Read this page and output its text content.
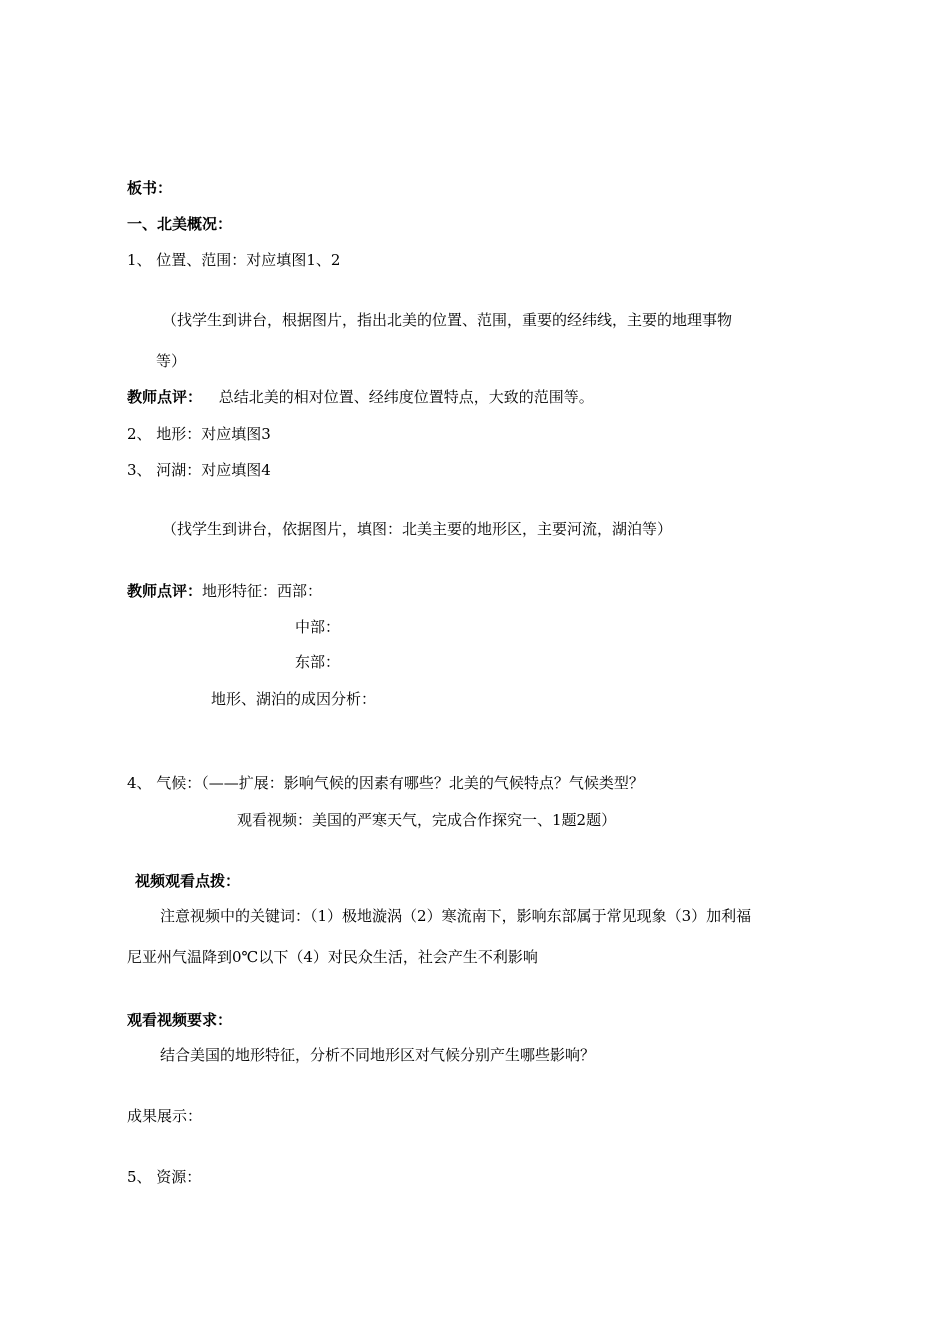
板书：
一、北美概况：
1、 位置、范围：对应填图1、2
（找学生到讲台，根据图片，指出北美的位置、范围，重要的经纬线，主要的地理事物
等）
教师点评： 总结北美的相对位置、经纬度位置特点，大致的范围等。
2、 地形：对应填图3
3、 河湖：对应填图4
（找学生到讲台，依据图片，填图：北美主要的地形区，主要河流，湖泊等）
教师点评：地形特征：西部：
中部：
东部：
地形、湖泊的成因分析：
4、 气候：（——扩展：影响气候的因素有哪些？北美的气候特点？气候类型？
观看视频：美国的严寒天气，完成合作探究一、1题2题）
视频观看点拨：
注意视频中的关键词：（1）极地漩涡（2）寒流南下，影响东部属于常见现象（3）加利福
尼亚州气温降到0℃以下（4）对民众生活，社会产生不利影响
观看视频要求：
结合美国的地形特征，分析不同地形区对气候分别产生哪些影响？
成果展示：
5、 资源：
